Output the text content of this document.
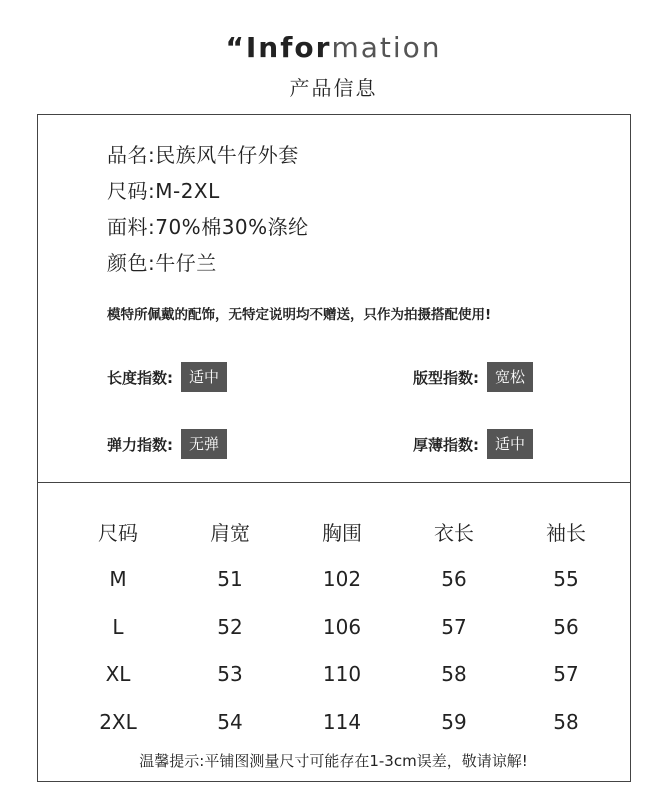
“Information
产品信息
品名:民族风牛仔外套
尺码:M-2XL
面料:70%棉30%涤纶
颜色:牛仔兰
模特所佩戴的配饰，无特定说明均不赠送，只作为拍摄搭配使用!
长度指数:	适中	版型指数:	宽松
弹力指数:	无弹	厚薄指数:	适中
尺码	肩宽	胸围	衣长	袖长
M	51	102	56	55
L	52	106	57	56
XL	53	110	58	57
2XL	54	114	59	58
温馨提示:平铺图测量尺寸可能存在1-3cm误差，敬请谅解!
